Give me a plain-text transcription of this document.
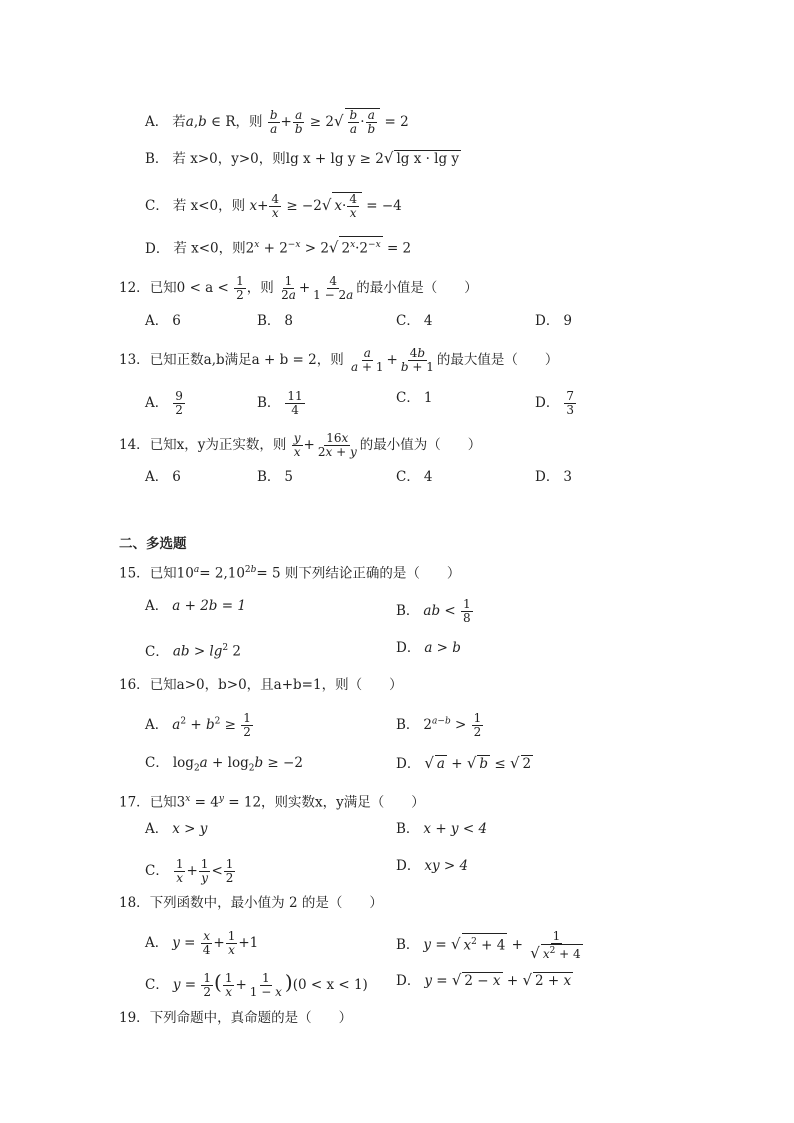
A． 若a,b ∈ R，则 $\frac{b}{a} + \frac{a}{b} \ge 2√ \frac{b}{a} \cdot \frac{a}{b} = 2$
B． 若 x>0，y>0，则lg x + lg y ≥ 2√ lg x · lg y
C． 若 x<0，则 $x+ \frac{4}{x} \ge -2√$ $x\cdot \frac{4}{x} = -4$
D． 若 x<0，则$2^x + 2^{-x} > 2√$ $2^x\cdot 2^{-x} = 2$
12．已知$0 < a < \frac{1}{2}$ ，则 $\frac{1}{2a} + \frac{4}{1 - 2a}$ 的最小值是（　　）
A． 6	B． 8	C． 4	D． 9
13．已知正数a,b满足a + b = 2，则 $\frac{a}{a + 1} + \frac{4b}{b + 1}$ 的最大值是（　　）
A． $\frac{9}{2}$	B． $\frac{11}{4}$	C． 1	D． $\frac{7}{3}$
14．已知x，y为正实数，则 $\frac{y}{x} + \frac{16x}{2x + y}$ 的最小值为（　　）
A． 6	B． 5	C． 4	D． 3
二、多选题
15．已知$10^a= 2,10^{2b}= 5$ 则下列结论正确的是（　　）
A． a + 2b = 1	B． ab < $\frac{1}{8}$
C． ab > $\lg^2 2$	D． a > b
16．已知a>0，b>0，且a+b=1，则（　　）
A． $a^2 + b^2 \ge \frac{1}{2}$	B． $2^{a-b} > \frac{1}{2}$
C． $\log_2a + \log_2b \ge -2$	D． √ a + √ b ≤ √ 2
17．已知$3^x = 4^y = 12$，则实数x，y满足（　　）
A． x > y	B． x + y < 4
C． $\frac{1}{x} + \frac{1}{y} < \frac{1}{2}$	D． xy > 4
18．下列函数中，最小值为 2 的是（　　）
A． $y = \frac{x}{4} + \frac{1}{x} +1$	B． y = √ $x^2 + 4 + \frac{1}{√ x^2 + 4}$
C． $y = \frac{1}{2}$ ( $\frac{1}{x} + \frac{1}{1 - x} )(0 < x < 1)$ D． y = √ 2 − x + √ 2 + x
19．下列命题中，真命题的是（　　）
